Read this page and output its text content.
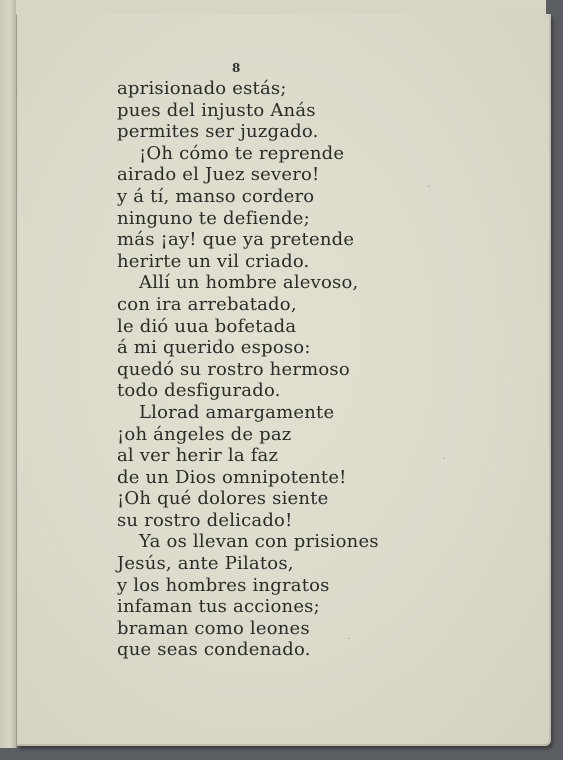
8
aprisionado estás;
pues del injusto Anás
permites ser juzgado.
¡Oh cómo te reprende
airado el Juez severo!
y á tí, manso cordero
ninguno te defiende;
más ¡ay! que ya pretende
herirte un vil criado.
Allí un hombre alevoso,
con ira arrebatado,
le dió uua bofetada
á mi querido esposo:
quedó su rostro hermoso
todo desfigurado.
Llorad amargamente
¡oh ángeles de paz
al ver herir la faz
de un Dios omnipotente!
¡Oh qué dolores siente
su rostro delicado!
Ya os llevan con prisiones
Jesús, ante Pilatos,
y los hombres ingratos
infaman tus acciones;
braman como leones
que seas condenado.
·
·
·
